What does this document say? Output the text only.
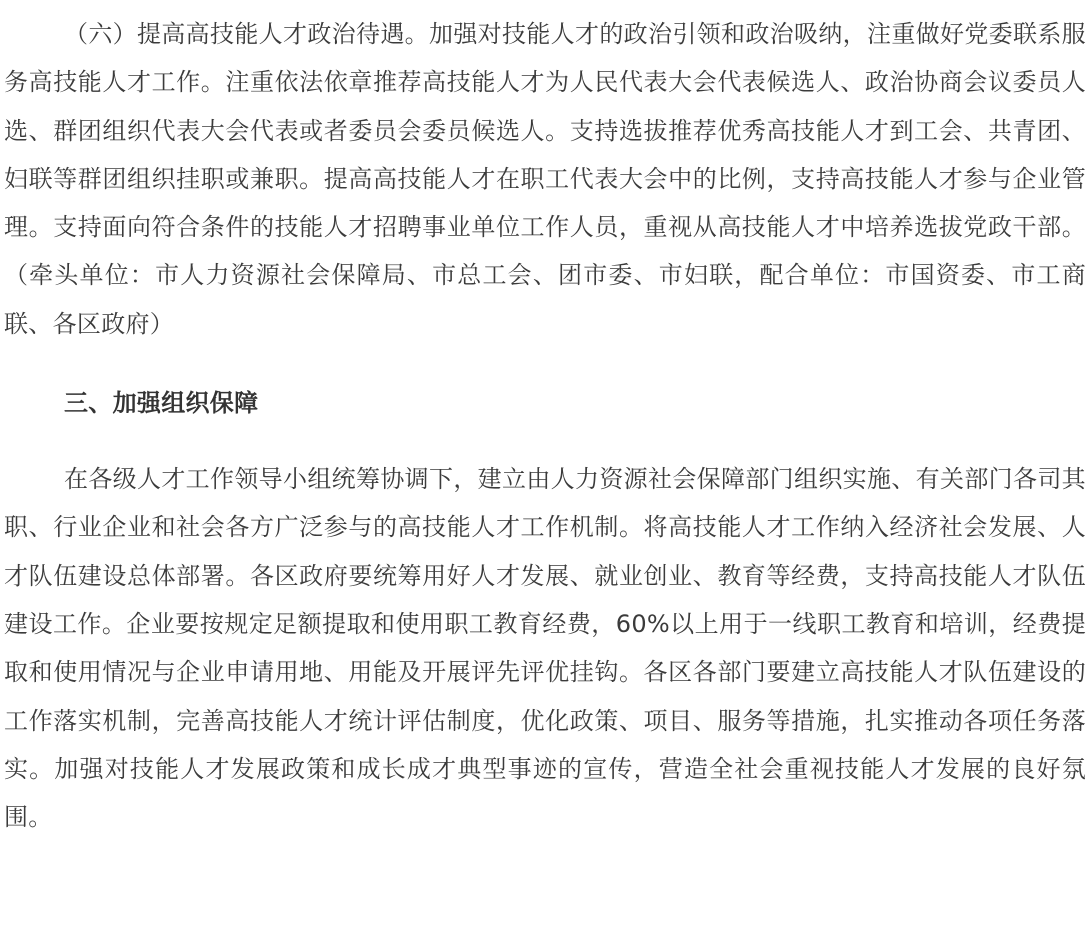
（六）提高高技能人才政治待遇。加强对技能人才的政治引领和政治吸纳，注重做好党委联系服务高技能人才工作。注重依法依章推荐高技能人才为人民代表大会代表候选人、政治协商会议委员人选、群团组织代表大会代表或者委员会委员候选人。支持选拔推荐优秀高技能人才到工会、共青团、妇联等群团组织挂职或兼职。提高高技能人才在职工代表大会中的比例，支持高技能人才参与企业管理。支持面向符合条件的技能人才招聘事业单位工作人员，重视从高技能人才中培养选拔党政干部。（牵头单位：市人力资源社会保障局、市总工会、团市委、市妇联，配合单位：市国资委、市工商联、各区政府）

三、加强组织保障

在各级人才工作领导小组统筹协调下，建立由人力资源社会保障部门组织实施、有关部门各司其职、行业企业和社会各方广泛参与的高技能人才工作机制。将高技能人才工作纳入经济社会发展、人才队伍建设总体部署。各区政府要统筹用好人才发展、就业创业、教育等经费，支持高技能人才队伍建设工作。企业要按规定足额提取和使用职工教育经费，60%以上用于一线职工教育和培训，经费提取和使用情况与企业申请用地、用能及开展评先评优挂钩。各区各部门要建立高技能人才队伍建设的工作落实机制，完善高技能人才统计评估制度，优化政策、项目、服务等措施，扎实推动各项任务落实。加强对技能人才发展政策和成长成才典型事迹的宣传，营造全社会重视技能人才发展的良好氛围。
